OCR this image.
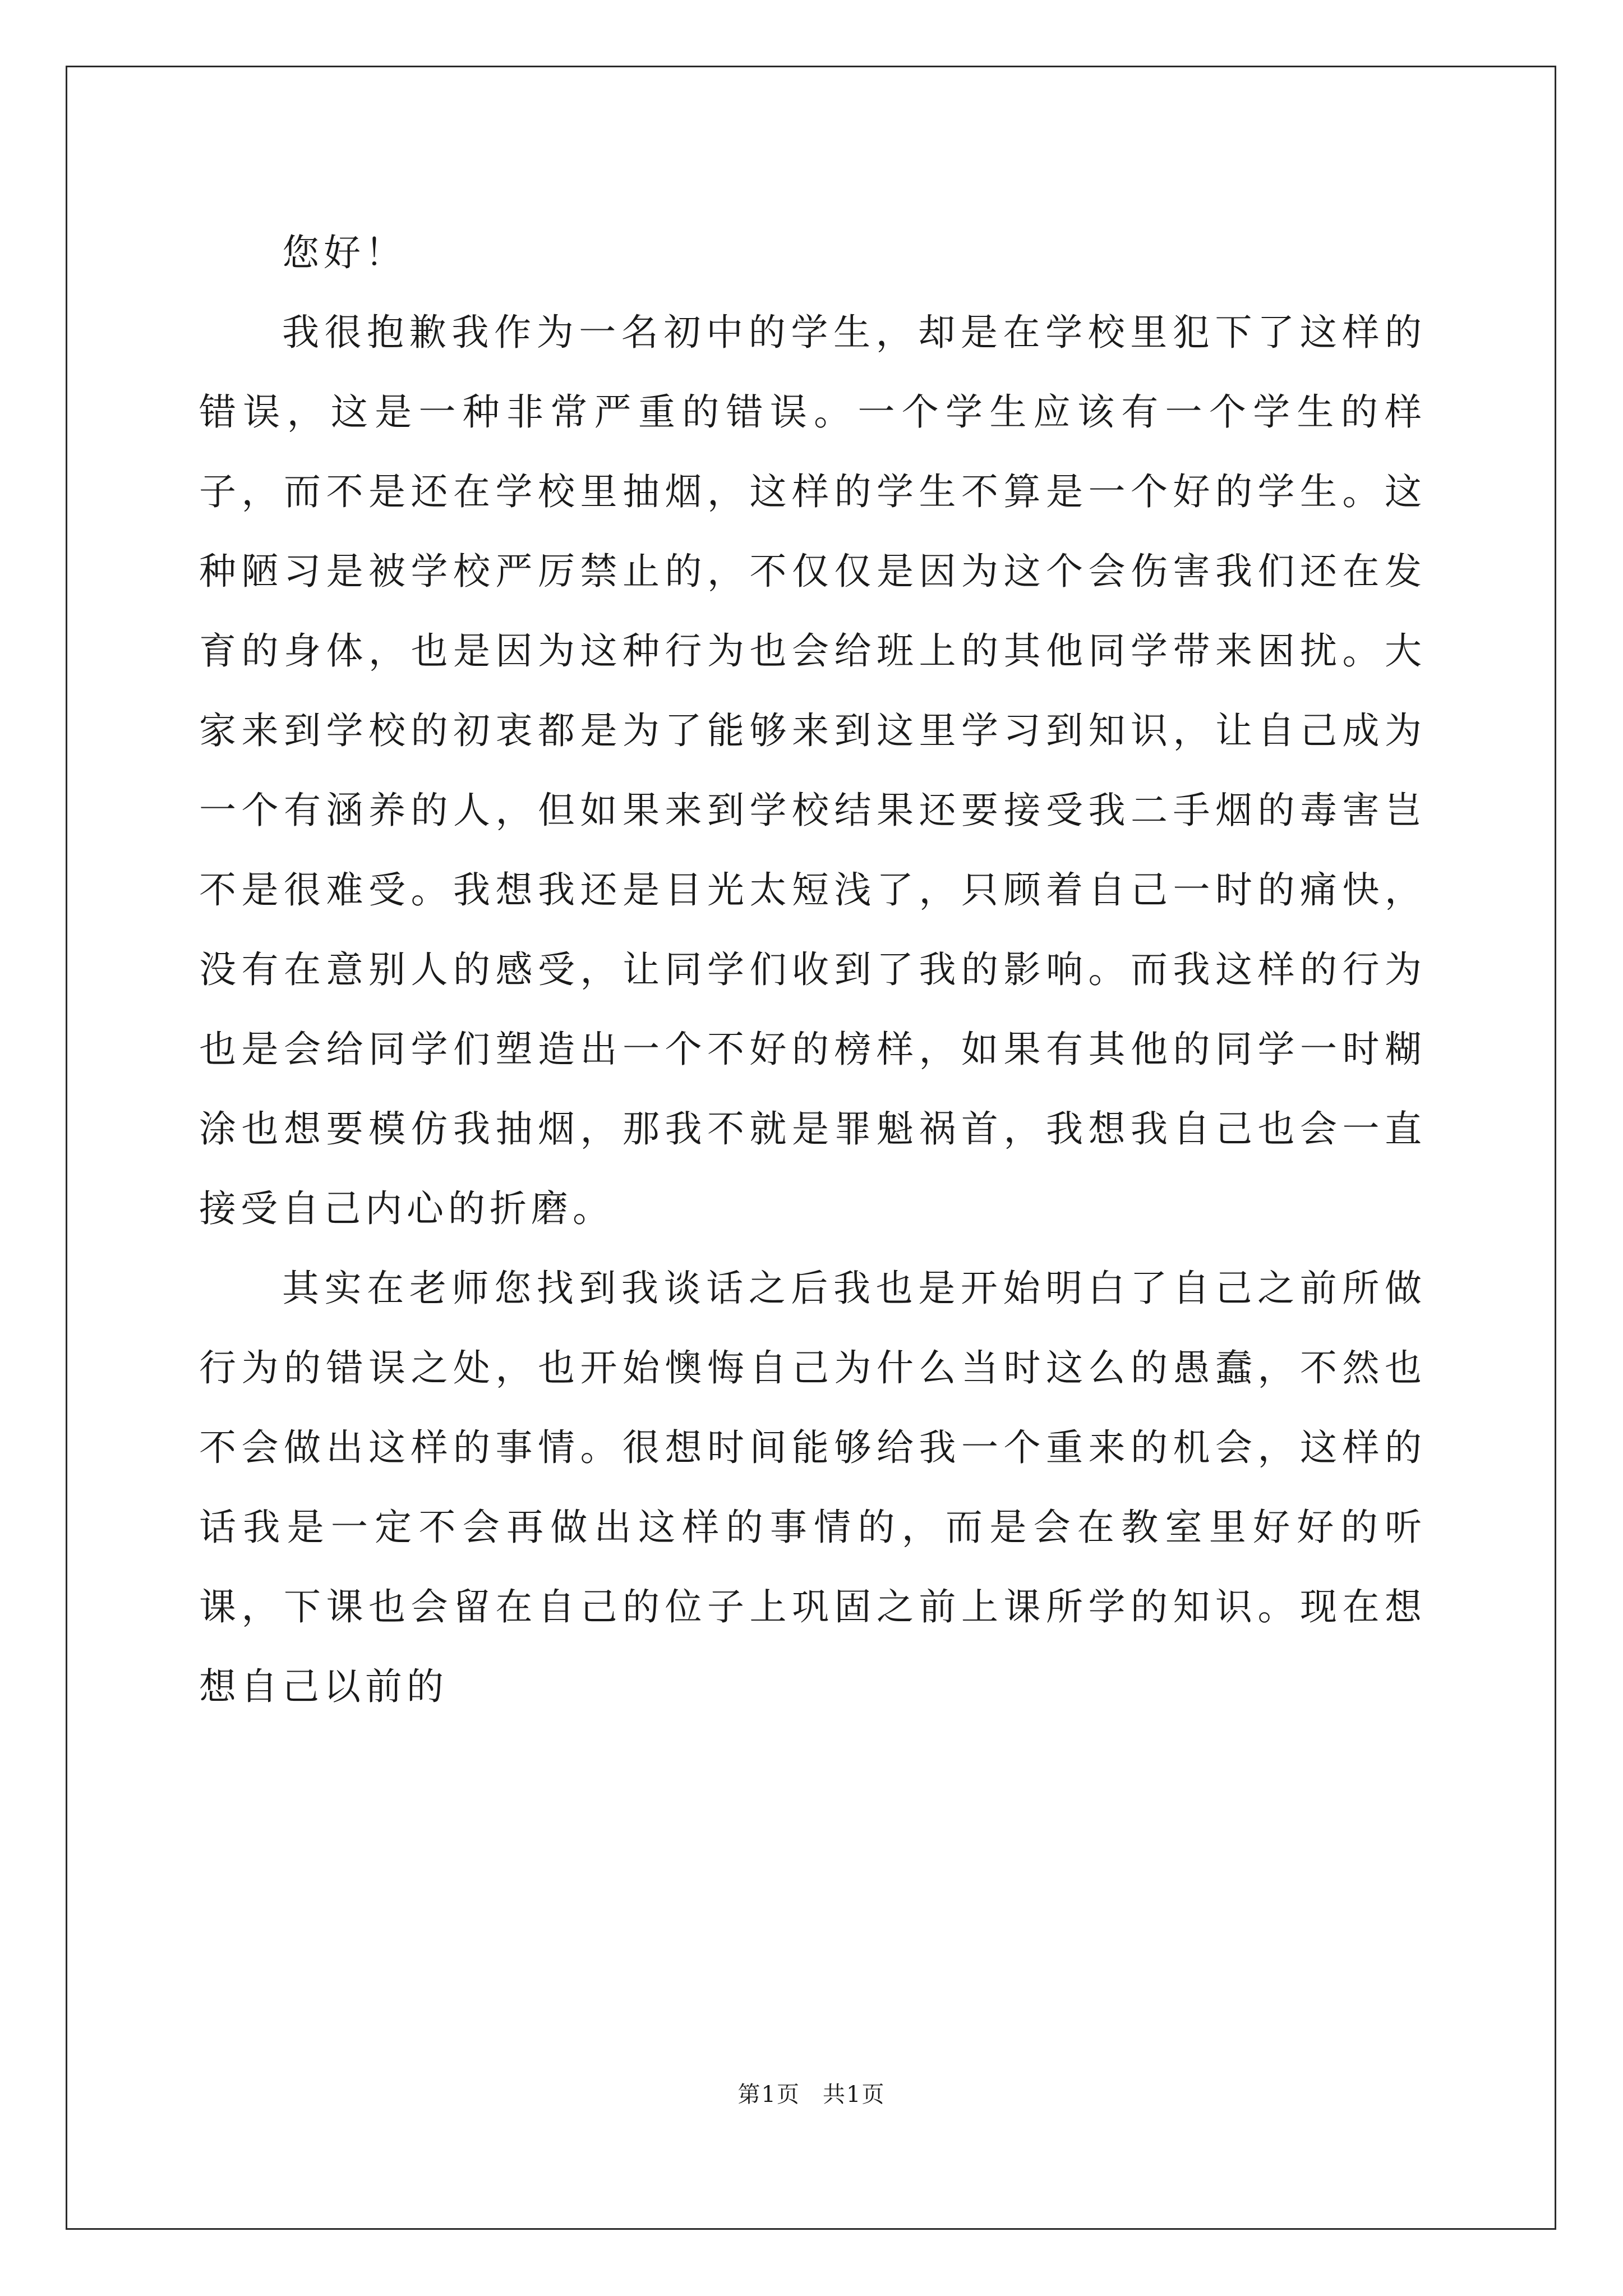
您好！

我很抱歉我作为一名初中的学生，却是在学校里犯下了这样的错误，这是一种非常严重的错误。一个学生应该有一个学生的样子，而不是还在学校里抽烟，这样的学生不算是一个好的学生。这种陋习是被学校严厉禁止的，不仅仅是因为这个会伤害我们还在发育的身体，也是因为这种行为也会给班上的其他同学带来困扰。大家来到学校的初衷都是为了能够来到这里学习到知识，让自己成为一个有涵养的人，但如果来到学校结果还要接受我二手烟的毒害岂不是很难受。我想我还是目光太短浅了，只顾着自己一时的痛快，没有在意别人的感受，让同学们收到了我的影响。而我这样的行为也是会给同学们塑造出一个不好的榜样，如果有其他的同学一时糊涂也想要模仿我抽烟，那我不就是罪魁祸首，我想我自己也会一直接受自己内心的折磨。

其实在老师您找到我谈话之后我也是开始明白了自己之前所做行为的错误之处，也开始懊悔自己为什么当时这么的愚蠢，不然也不会做出这样的事情。很想时间能够给我一个重来的机会，这样的话我是一定不会再做出这样的事情的，而是会在教室里好好的听课，下课也会留在自己的位子上巩固之前上课所学的知识。现在想想自己以前的

第1页 共1页
